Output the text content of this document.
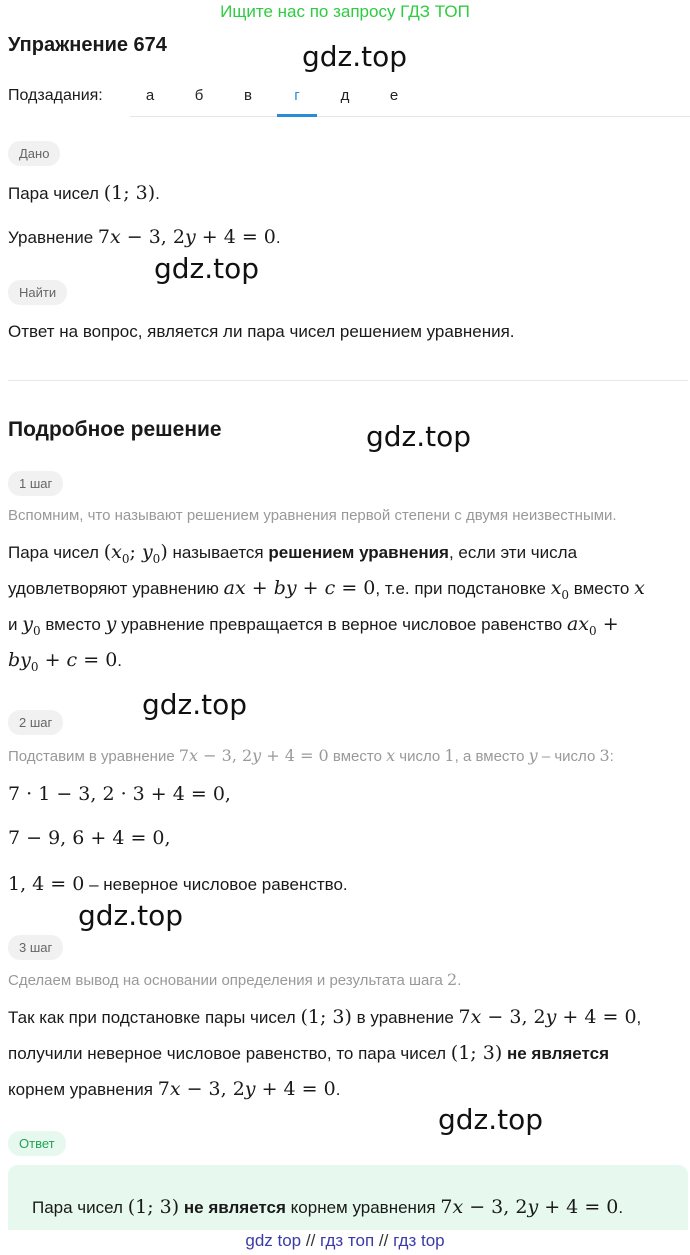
Ищите нас по запросу ГДЗ ТОП
Упражнение 674	gdz.top
gdz.top
gdz.top
gdz.top
gdz.top
gdz.top
Подзадания:	а	б	в	г	д	е
Дано
Пара чисел (1; 3).
Уравнение 7x − 3, 2y + 4 = 0.
Найти
Ответ на вопрос, является ли пара чисел решением уравнения.
Подробное решение
1 шаг
Вспомним, что называют решением уравнения первой степени с двумя неизвестными.
Пара чисел ($x_0$; $y_0$) называется решением уравнения, если эти числа
удовлетворяют уравнению ax + by + c = 0, т.е. при подстановке $x_0$ вместо x
и $y_0$ вместо y уравнение превращается в верное числовое равенство $ax_0$ +
$by_0 + c = 0$.
2 шаг
Подставим в уравнение 7x − 3, 2y + 4 = 0 вместо x число 1, а вместо y – число 3:
7 · 1 − 3, 2 · 3 + 4 = 0,
7 − 9, 6 + 4 = 0,
1, 4 = 0 – неверное числовое равенство.
3 шаг
Сделаем вывод на основании определения и результата шага 2.
Так как при подстановке пары чисел (1; 3) в уравнение 7x − 3, 2y + 4 = 0,
получили неверное числовое равенство, то пара чисел (1; 3) не является
корнем уравнения 7x − 3, 2y + 4 = 0.
Ответ
Пара чисел (1; 3) не является корнем уравнения 7x − 3, 2y + 4 = 0.
gdz top // гдз топ // гдз top
